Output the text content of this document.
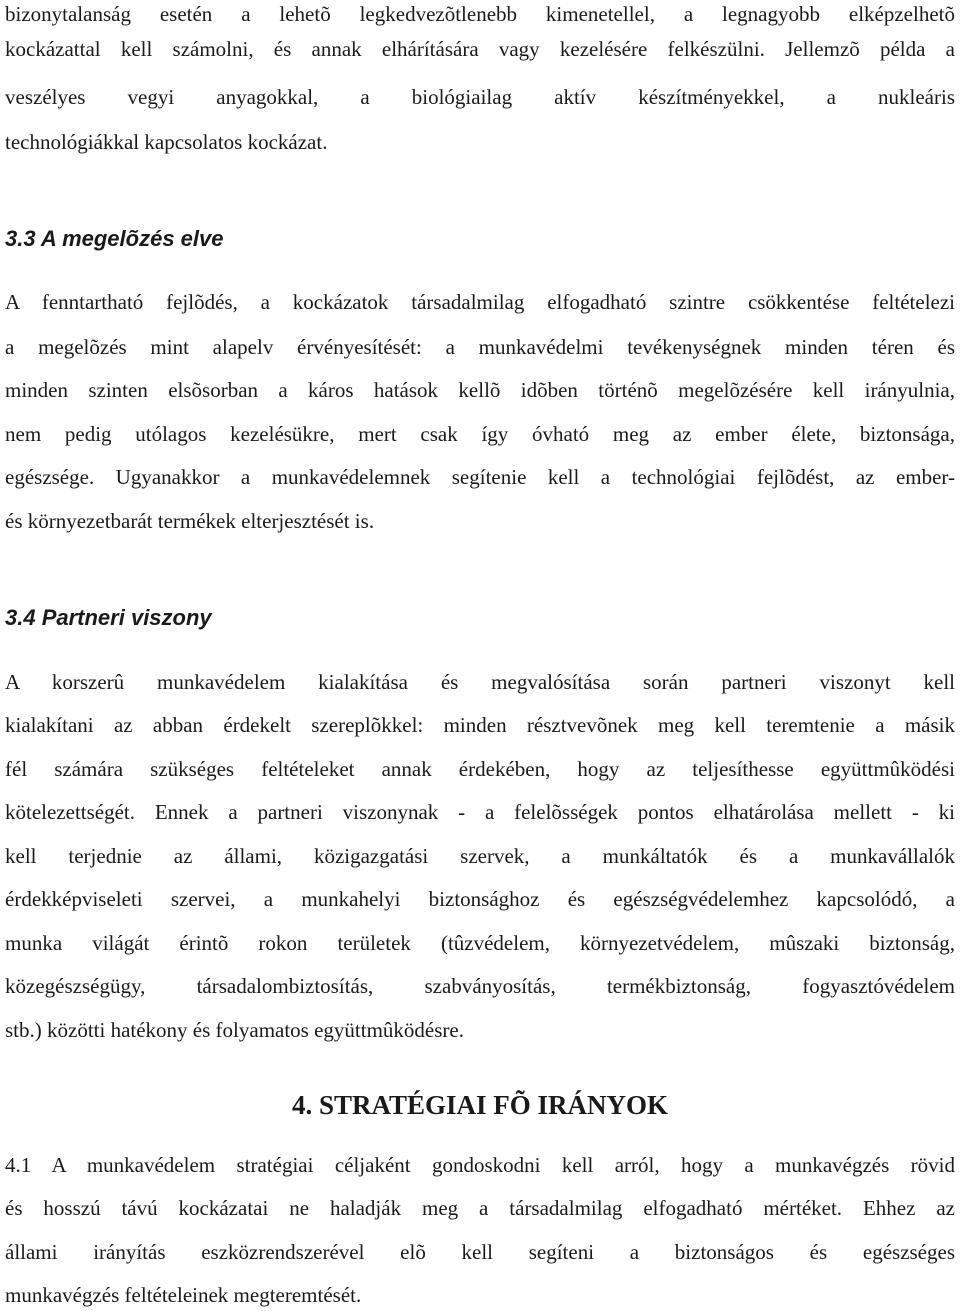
bizonytalanság esetén a lehetõ legkedvezõtlenebb kimenetellel, a legnagyobb elképzelhetõ
kockázattal kell számolni, és annak elhárítására vagy kezelésére felkészülni. Jellemzõ példa a
veszélyes vegyi anyagokkal, a biológiailag aktív készítményekkel, a nukleáris
technológiákkal kapcsolatos kockázat.
3.3 A megelõzés elve
A fenntartható fejlõdés, a kockázatok társadalmilag elfogadható szintre csökkentése feltételezi
a megelõzés mint alapelv érvényesítését: a munkavédelmi tevékenységnek minden téren és
minden szinten elsõsorban a káros hatások kellõ idõben történõ megelõzésére kell irányulnia,
nem pedig utólagos kezelésükre, mert csak így óvható meg az ember élete, biztonsága,
egészsége. Ugyanakkor a munkavédelemnek segítenie kell a technológiai fejlõdést, az ember-
és környezetbarát termékek elterjesztését is.
3.4 Partneri viszony
A korszerû munkavédelem kialakítása és megvalósítása során partneri viszonyt kell
kialakítani az abban érdekelt szereplõkkel: minden résztvevõnek meg kell teremtenie a másik
fél számára szükséges feltételeket annak érdekében, hogy az teljesíthesse együttmûködési
kötelezettségét. Ennek a partneri viszonynak - a felelõsségek pontos elhatárolása mellett - ki
kell terjednie az állami, közigazgatási szervek, a munkáltatók és a munkavállalók
érdekképviseleti szervei, a munkahelyi biztonsághoz és egészségvédelemhez kapcsolódó, a
munka világát érintõ rokon területek (tûzvédelem, környezetvédelem, mûszaki biztonság,
közegészségügy, társadalombiztosítás, szabványosítás, termékbiztonság, fogyasztóvédelem
stb.) közötti hatékony és folyamatos együttmûködésre.
4. STRATÉGIAI FÕ IRÁNYOK
4.1 A munkavédelem stratégiai céljaként gondoskodni kell arról, hogy a munkavégzés rövid
és hosszú távú kockázatai ne haladják meg a társadalmilag elfogadható mértéket. Ehhez az
állami irányítás eszközrendszerével elõ kell segíteni a biztonságos és egészséges
munkavégzés feltételeinek megteremtését.
